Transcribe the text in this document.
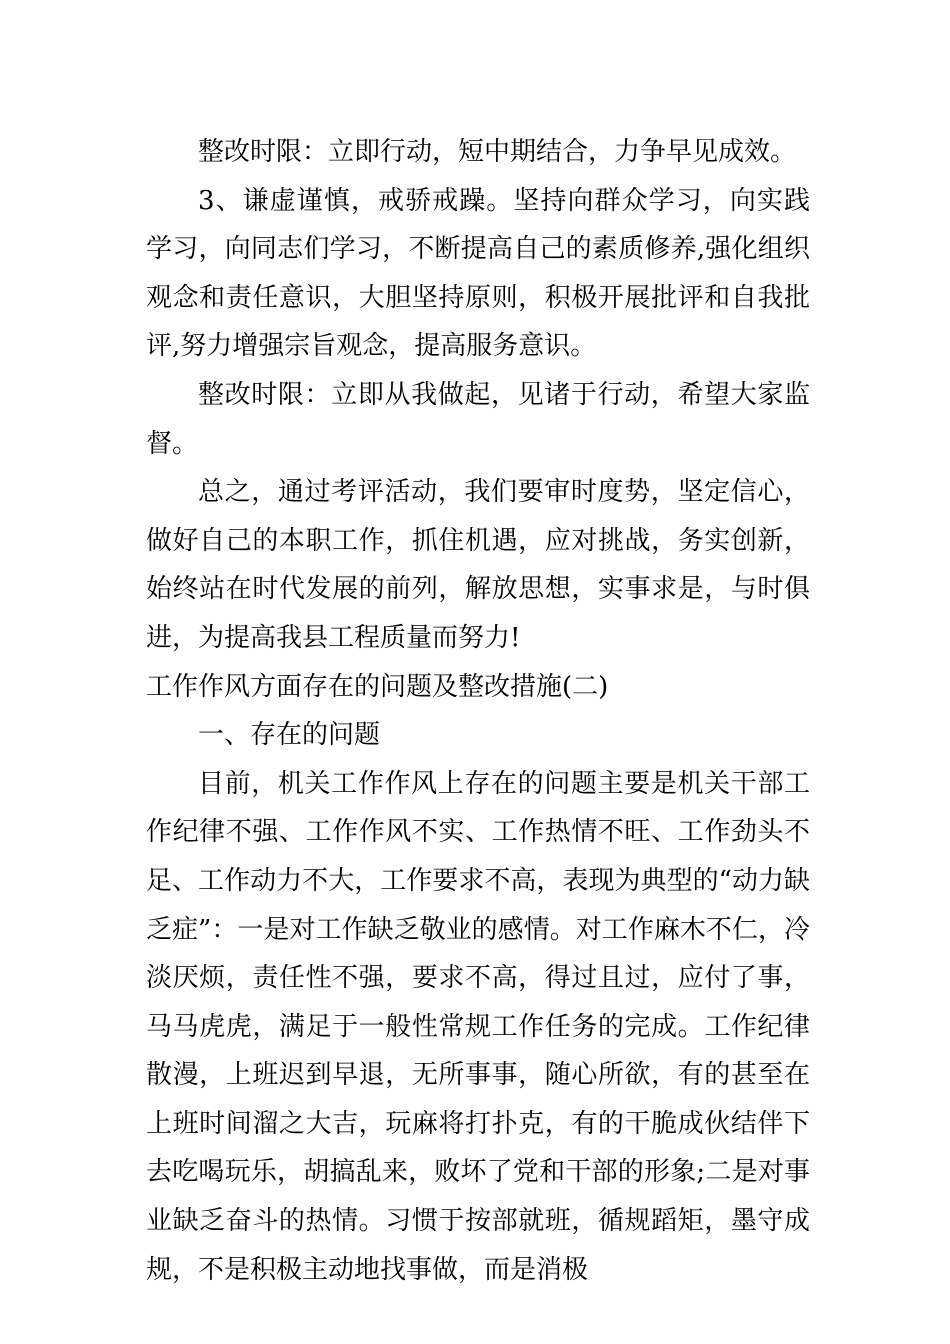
整改时限：立即行动，短中期结合，力争早见成效。

3、谦虚谨慎，戒骄戒躁。坚持向群众学习，向实践学习，向同志们学习，不断提高自己的素质修养,强化组织观念和责任意识，大胆坚持原则，积极开展批评和自我批评,努力增强宗旨观念，提高服务意识。

整改时限：立即从我做起，见诸于行动，希望大家监督。

总之，通过考评活动，我们要审时度势，坚定信心，做好自己的本职工作，抓住机遇，应对挑战，务实创新，始终站在时代发展的前列，解放思想，实事求是，与时俱进，为提高我县工程质量而努力!

工作作风方面存在的问题及整改措施(二)

一、存在的问题

目前，机关工作作风上存在的问题主要是机关干部工作纪律不强、工作作风不实、工作热情不旺、工作劲头不足、工作动力不大，工作要求不高，表现为典型的“动力缺乏症”：一是对工作缺乏敬业的感情。对工作麻木不仁，冷淡厌烦，责任性不强，要求不高，得过且过，应付了事，马马虎虎，满足于一般性常规工作任务的完成。工作纪律散漫，上班迟到早退，无所事事，随心所欲，有的甚至在上班时间溜之大吉，玩麻将打扑克，有的干脆成伙结伴下去吃喝玩乐，胡搞乱来，败坏了党和干部的形象;二是对事业缺乏奋斗的热情。习惯于按部就班，循规蹈矩，墨守成规，不是积极主动地找事做，而是消极
